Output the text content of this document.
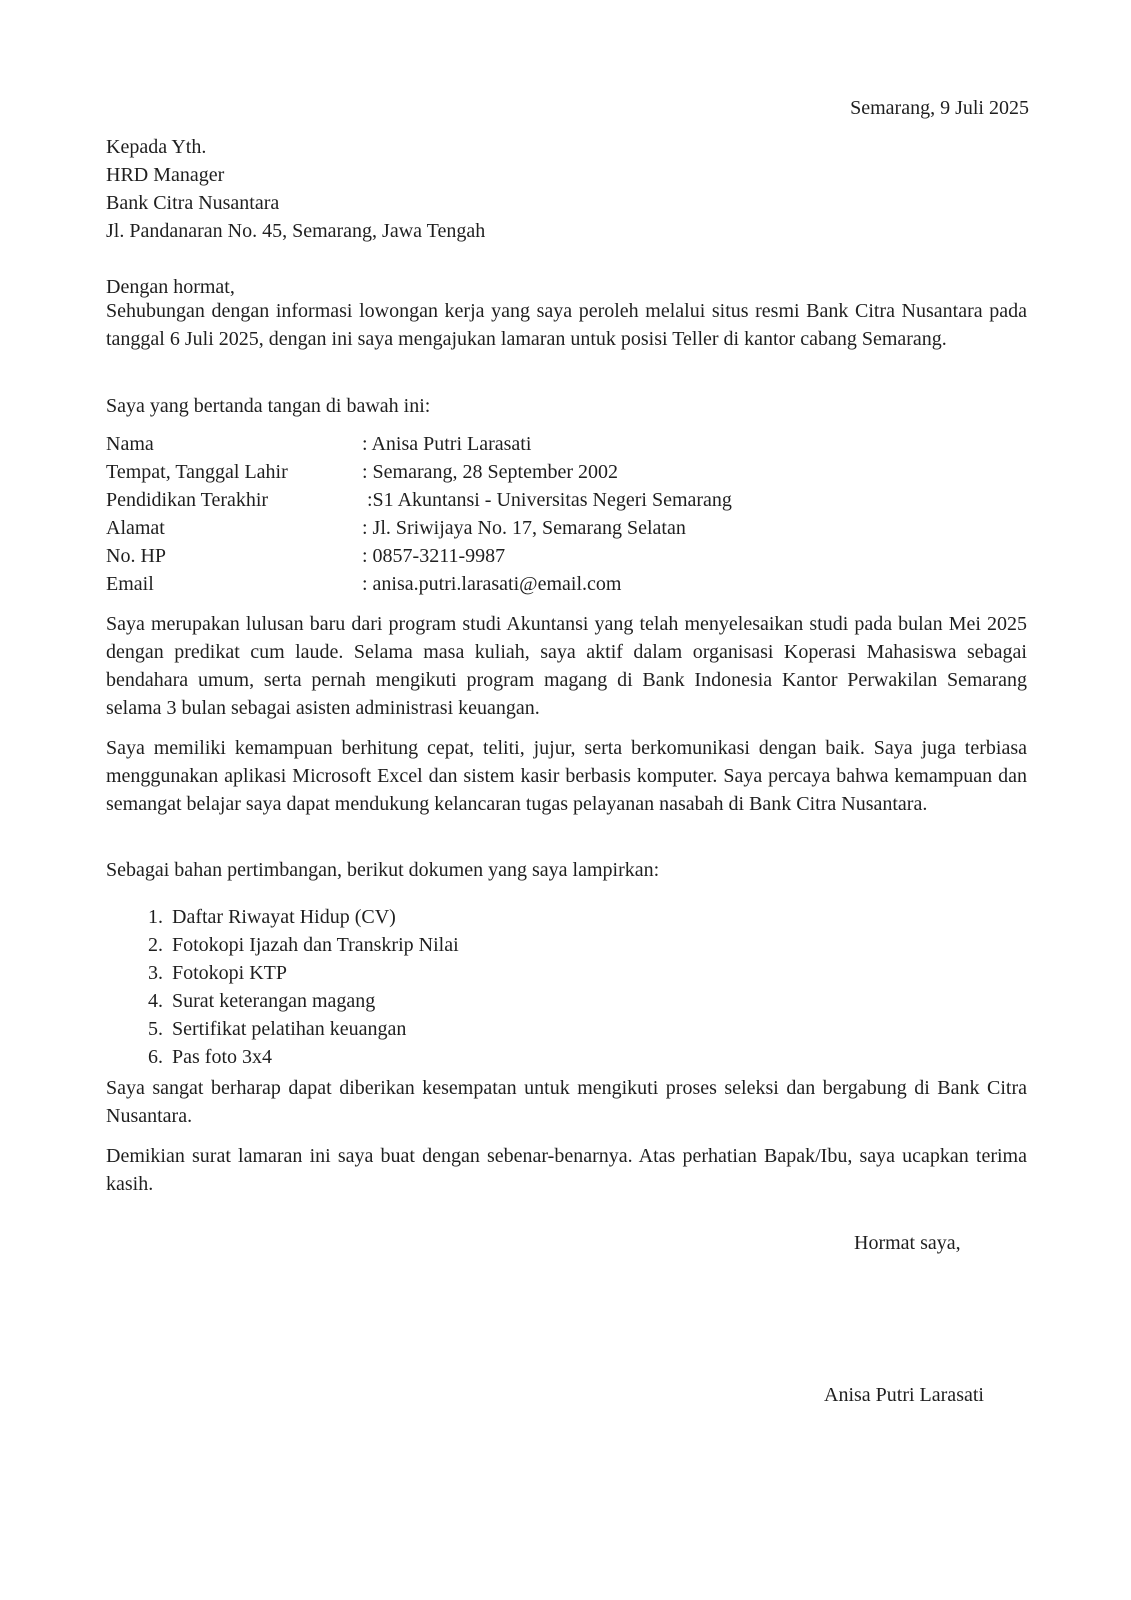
Semarang, 9 Juli 2025
Kepada Yth.
HRD Manager
Bank Citra Nusantara
Jl. Pandanaran No. 45, Semarang, Jawa Tengah
Dengan hormat,

Sehubungan dengan informasi lowongan kerja yang saya peroleh melalui situs resmi Bank Citra Nusantara pada tanggal 6 Juli 2025, dengan ini saya mengajukan lamaran untuk posisi Teller di kantor cabang Semarang.

Saya yang bertanda tangan di bawah ini:
Nama	: Anisa Putri Larasati
Tempat, Tanggal Lahir	: Semarang, 28 September 2002
Pendidikan Terakhir	:S1 Akuntansi - Universitas Negeri Semarang
Alamat	: Jl. Sriwijaya No. 17, Semarang Selatan
No. HP	: 0857-3211-9987
Email	: anisa.putri.larasati@email.com

Saya merupakan lulusan baru dari program studi Akuntansi yang telah menyelesaikan studi pada bulan Mei 2025 dengan predikat cum laude. Selama masa kuliah, saya aktif dalam organisasi Koperasi Mahasiswa sebagai bendahara umum, serta pernah mengikuti program magang di Bank Indonesia Kantor Perwakilan Semarang selama 3 bulan sebagai asisten administrasi keuangan.

Saya memiliki kemampuan berhitung cepat, teliti, jujur, serta berkomunikasi dengan baik. Saya juga terbiasa menggunakan aplikasi Microsoft Excel dan sistem kasir berbasis komputer. Saya percaya bahwa kemampuan dan semangat belajar saya dapat mendukung kelancaran tugas pelayanan nasabah di Bank Citra Nusantara.

Sebagai bahan pertimbangan, berikut dokumen yang saya lampirkan:
1. Daftar Riwayat Hidup (CV)
2. Fotokopi Ijazah dan Transkrip Nilai
3. Fotokopi KTP
4. Surat keterangan magang
5. Sertifikat pelatihan keuangan
6. Pas foto 3x4

Saya sangat berharap dapat diberikan kesempatan untuk mengikuti proses seleksi dan bergabung di Bank Citra Nusantara.

Demikian surat lamaran ini saya buat dengan sebenar-benarnya. Atas perhatian Bapak/Ibu, saya ucapkan terima kasih.

Hormat saya,
Anisa Putri Larasati
